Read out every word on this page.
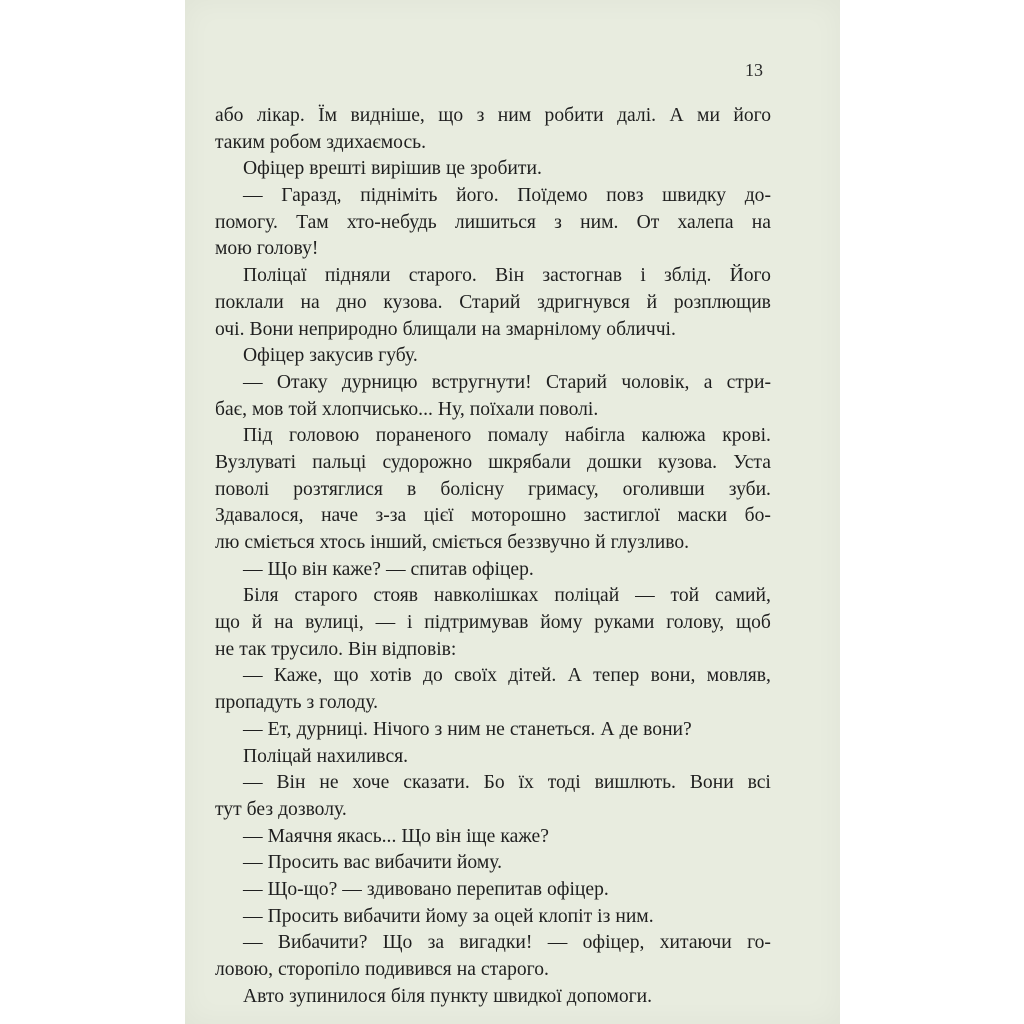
13
або лікар. Їм видніше, що з ним робити далі. А ми його
таким робом здихаємось.
Офіцер врешті вирішив це зробити.
— Гаразд, підніміть його. Поїдемо повз швидку до-
помогу. Там хто-небудь лишиться з ним. От халепа на
мою голову!
Поліцаї підняли старого. Він застогнав і зблід. Його
поклали на дно кузова. Старий здригнувся й розплющив
очі. Вони неприродно блищали на змарнілому обличчі.
Офіцер закусив губу.
— Отаку дурницю встругнути! Старий чоловік, а стри-
бає, мов той хлопчисько... Ну, поїхали поволі.
Під головою пораненого помалу набігла калюжа крові.
Вузлуваті пальці судорожно шкрябали дошки кузова. Уста
поволі розтяглися в болісну гримасу, оголивши зуби.
Здавалося, наче з-за цієї моторошно застиглої маски бо-
лю сміється хтось інший, сміється беззвучно й глузливо.
— Що він каже? — спитав офіцер.
Біля старого стояв навколішках поліцай — той самий,
що й на вулиці, — і підтримував йому руками голову, щоб
не так трусило. Він відповів:
— Каже, що хотів до своїх дітей. А тепер вони, мовляв,
пропадуть з голоду.
— Ет, дурниці. Нічого з ним не станеться. А де вони?
Поліцай нахилився.
— Він не хоче сказати. Бо їх тоді вишлють. Вони всі
тут без дозволу.
— Маячня якась... Що він іще каже?
— Просить вас вибачити йому.
— Що-що? — здивовано перепитав офіцер.
— Просить вибачити йому за оцей клопіт із ним.
— Вибачити? Що за вигадки! — офіцер, хитаючи го-
ловою, сторопіло подивився на старого.
Авто зупинилося біля пункту швидкої допомоги.
